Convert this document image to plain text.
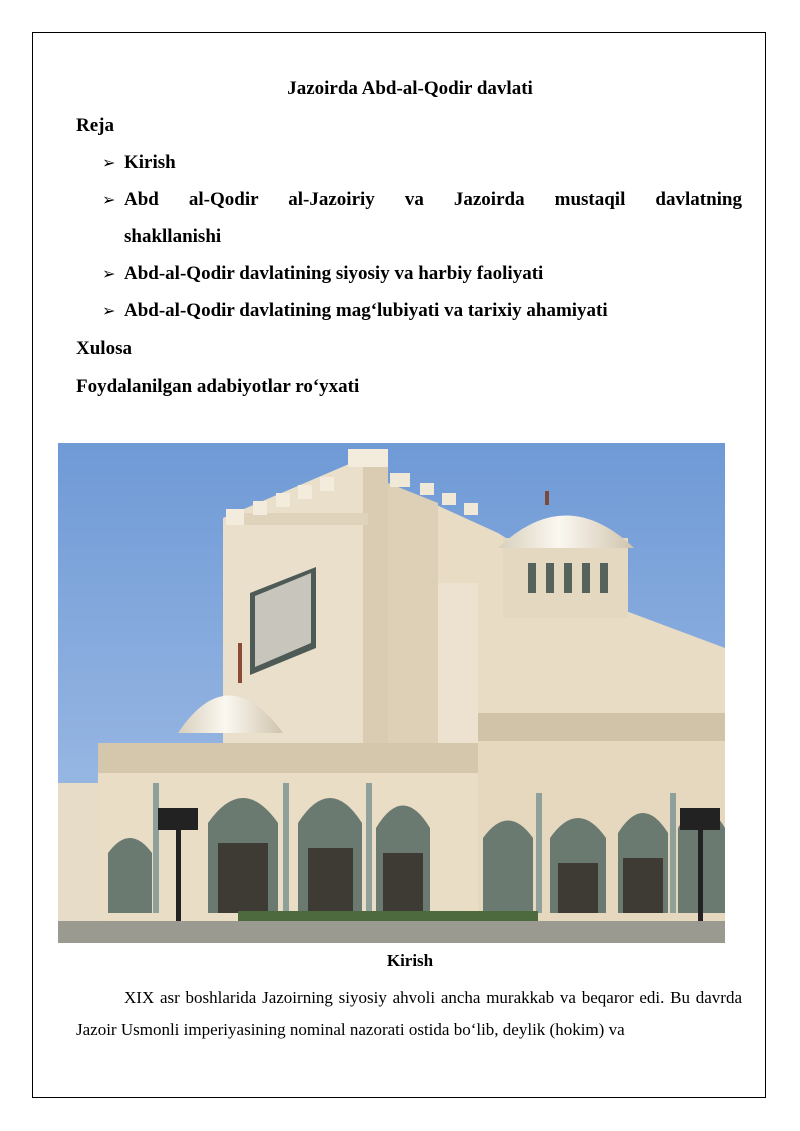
Jazoirda Abd-al-Qodir davlati
Reja
➢ Kirish
➢ Abd al-Qodir al-Jazoiriy va Jazoirda mustaqil davlatning
shakllanishi
➢ Abd-al-Qodir davlatining siyosiy va harbiy faoliyati
➢ Abd-al-Qodir davlatining mag‘lubiyati va tarixiy ahamiyati
Xulosa
Foydalanilgan adabiyotlar ro‘yxati
Kirish
XIX asr boshlarida Jazoirning siyosiy ahvoli ancha murakkab va beqaror edi. Bu davrda Jazoir Usmonli imperiyasining nominal nazorati ostida bo‘lib, deylik (hokim) va
